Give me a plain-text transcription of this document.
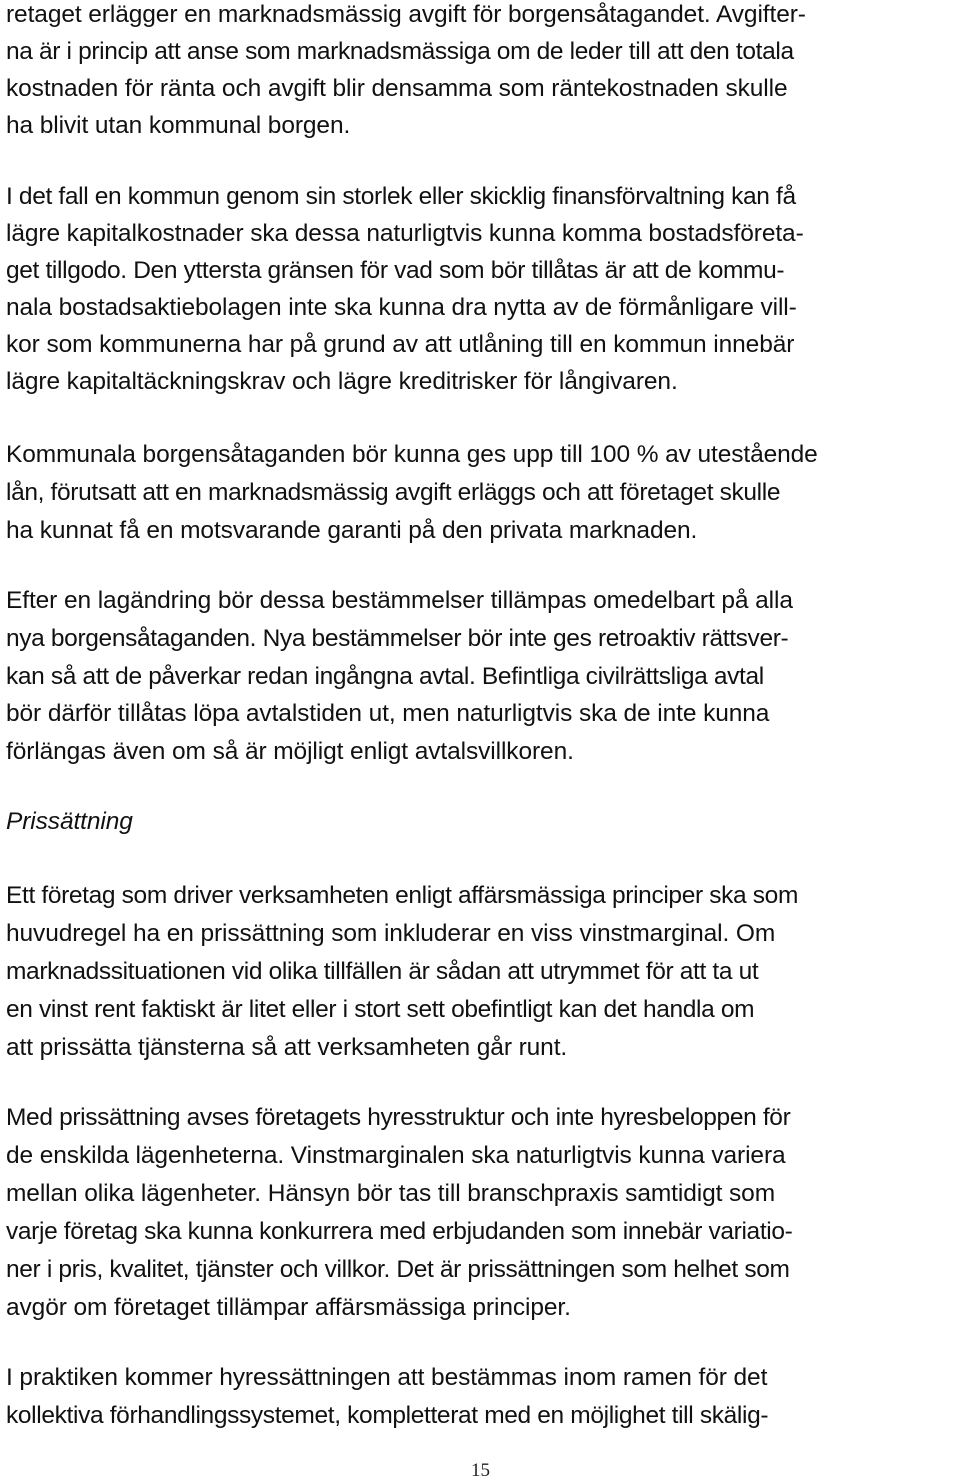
retaget erlägger en marknadsmässig avgift för borgensåtagandet. Avgifter-
na är i princip att anse som marknadsmässiga om de leder till att den totala
kostnaden för ränta och avgift blir densamma som räntekostnaden skulle
ha blivit utan kommunal borgen.
I det fall en kommun genom sin storlek eller skicklig finansförvaltning kan få
lägre kapitalkostnader ska dessa naturligtvis kunna komma bostadsföreta-
get tillgodo. Den yttersta gränsen för vad som bör tillåtas är att de kommu-
nala bostadsaktiebolagen inte ska kunna dra nytta av de förmånligare vill-
kor som kommunerna har på grund av att utlåning till en kommun innebär
lägre kapitaltäckningskrav och lägre kreditrisker för långivaren.
Kommunala borgensåtaganden bör kunna ges upp till 100 % av utestående
lån, förutsatt att en marknadsmässig avgift erläggs och att företaget skulle
ha kunnat få en motsvarande garanti på den privata marknaden.
Efter en lagändring bör dessa bestämmelser tillämpas omedelbart på alla
nya borgensåtaganden. Nya bestämmelser bör inte ges retroaktiv rättsver-
kan så att de påverkar redan ingångna avtal. Befintliga civilrättsliga avtal
bör därför tillåtas löpa avtalstiden ut, men naturligtvis ska de inte kunna
förlängas även om så är möjligt enligt avtalsvillkoren.
Prissättning
Ett företag som driver verksamheten enligt affärsmässiga principer ska som
huvudregel ha en prissättning som inkluderar en viss vinstmarginal. Om
marknadssituationen vid olika tillfällen är sådan att utrymmet för att ta ut
en vinst rent faktiskt är litet eller i stort sett obefintligt kan det handla om
att prissätta tjänsterna så att verksamheten går runt.
Med prissättning avses företagets hyresstruktur och inte hyresbeloppen för
de enskilda lägenheterna. Vinstmarginalen ska naturligtvis kunna variera
mellan olika lägenheter. Hänsyn bör tas till branschpraxis samtidigt som
varje företag ska kunna konkurrera med erbjudanden som innebär variatio-
ner i pris, kvalitet, tjänster och villkor. Det är prissättningen som helhet som
avgör om företaget tillämpar affärsmässiga principer.
I praktiken kommer hyressättningen att bestämmas inom ramen för det
kollektiva förhandlingssystemet, kompletterat med en möjlighet till skälig-
15
